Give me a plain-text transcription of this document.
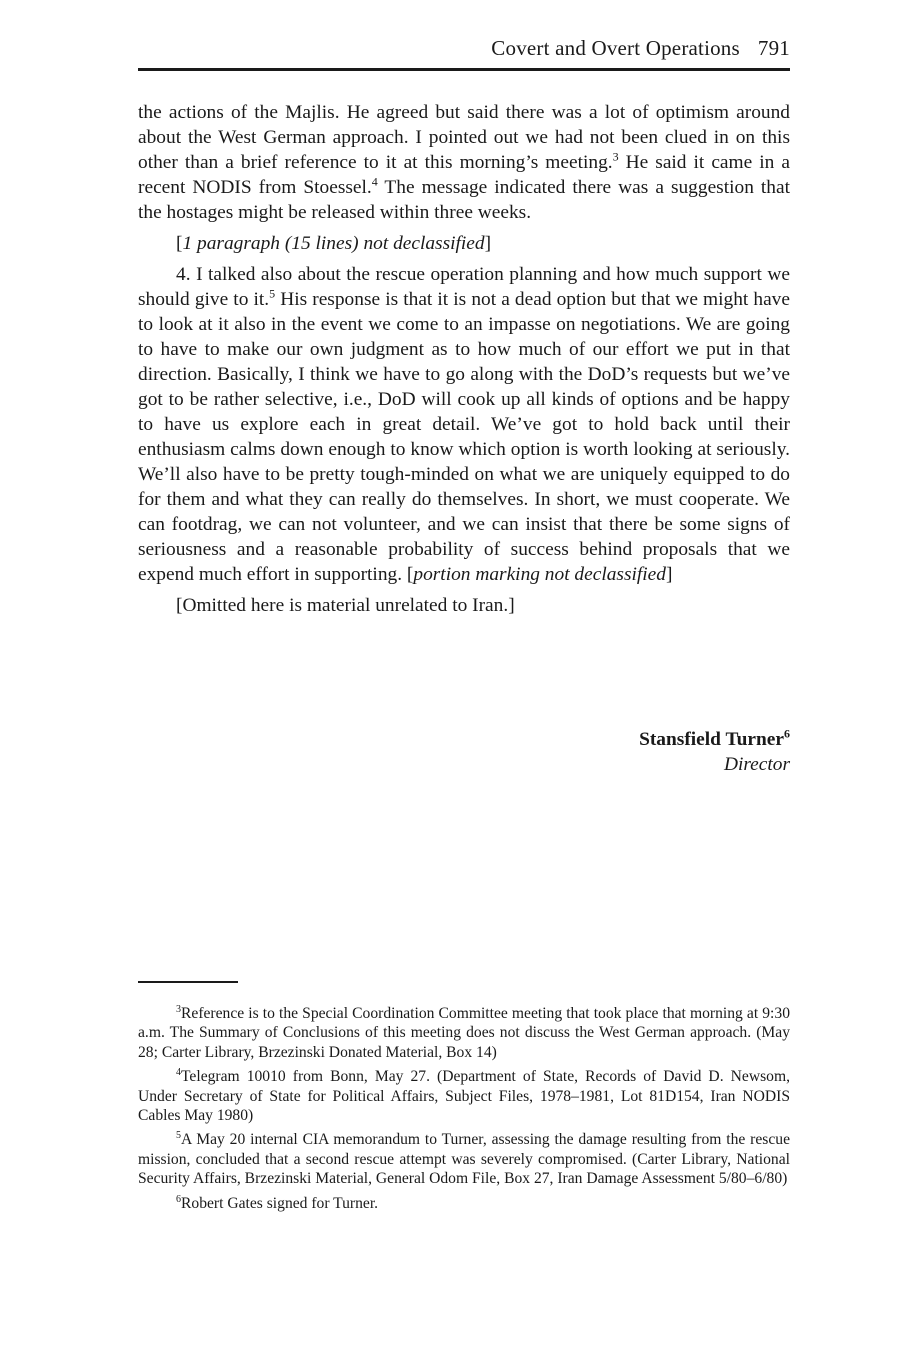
Covert and Overt Operations 791

the actions of the Majlis. He agreed but said there was a lot of optimism around about the West German approach. I pointed out we had not been clued in on this other than a brief reference to it at this morning’s meeting.$^3$ He said it came in a recent NODIS from Stoessel.$^4$ The message indicated there was a suggestion that the hostages might be released within three weeks.

[1 paragraph (15 lines) not declassified]

4. I talked also about the rescue operation planning and how much support we should give to it.$^5$ His response is that it is not a dead option but that we might have to look at it also in the event we come to an impasse on negotiations. We are going to have to make our own judgment as to how much of our effort we put in that direction. Basically, I think we have to go along with the DoD’s requests but we’ve got to be rather selective, i.e., DoD will cook up all kinds of options and be happy to have us explore each in great detail. We’ve got to hold back until their enthusiasm calms down enough to know which option is worth looking at seriously. We’ll also have to be pretty tough-minded on what we are uniquely equipped to do for them and what they can really do themselves. In short, we must cooperate. We can footdrag, we can not volunteer, and we can insist that there be some signs of seriousness and a reasonable probability of success behind proposals that we expend much effort in supporting. [portion marking not declassified]

[Omitted here is material unrelated to Iran.]

Stansfield Turner$^6$
Director

$^3$Reference is to the Special Coordination Committee meeting that took place that morning at 9:30 a.m. The Summary of Conclusions of this meeting does not discuss the West German approach. (May 28; Carter Library, Brzezinski Donated Material, Box 14)

$^4$Telegram 10010 from Bonn, May 27. (Department of State, Records of David D. Newsom, Under Secretary of State for Political Affairs, Subject Files, 1978–1981, Lot 81D154, Iran NODIS Cables May 1980)

$^5$A May 20 internal CIA memorandum to Turner, assessing the damage resulting from the rescue mission, concluded that a second rescue attempt was severely compromised. (Carter Library, National Security Affairs, Brzezinski Material, General Odom File, Box 27, Iran Damage Assessment 5/80–6/80)

$^6$Robert Gates signed for Turner.
